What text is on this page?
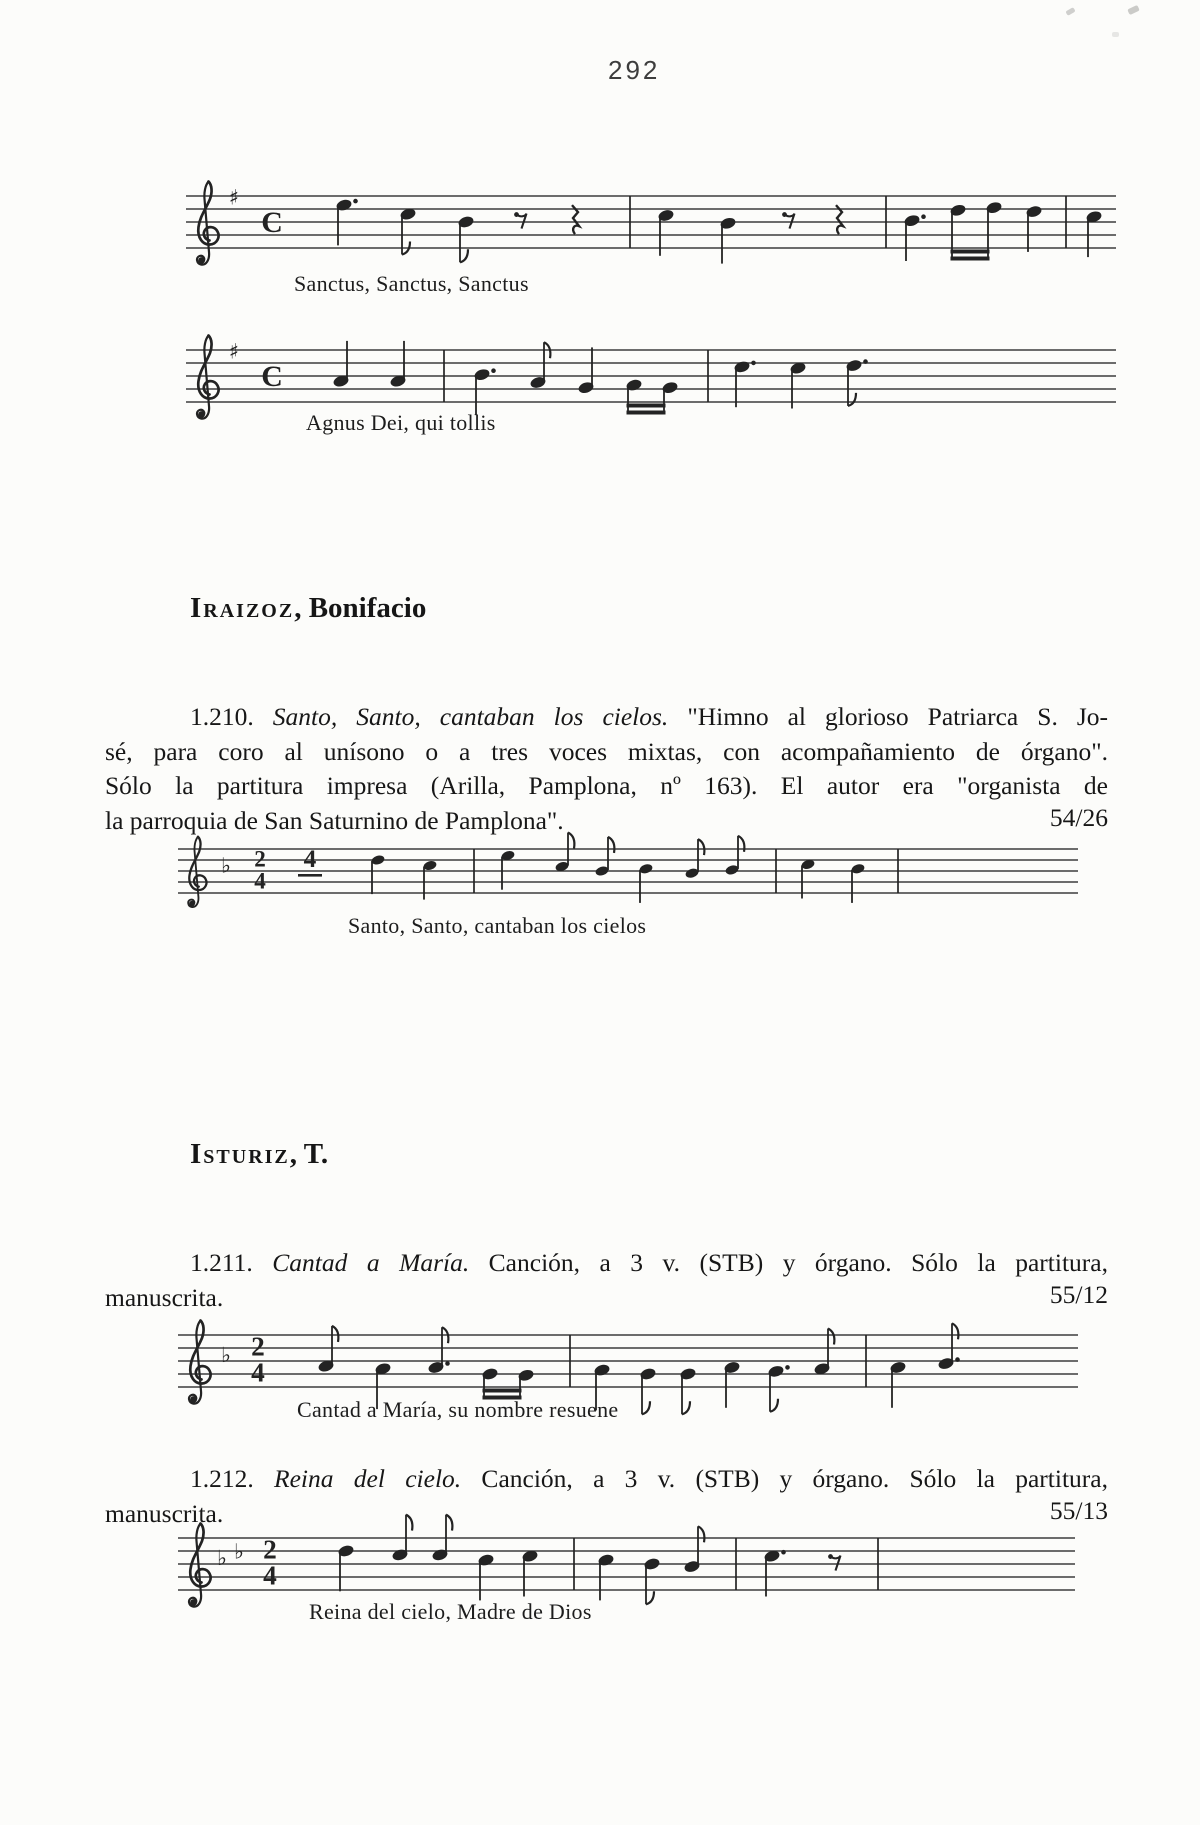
292
♯
C
Sanctus, Sanctus, Sanctus
♯
C
Agnus Dei, qui tollis
Iraizoz, Bonifacio
1.210. Santo, Santo, cantaban los cielos. "Himno al glorioso Patriarca S. Jo-
sé, para coro al unísono o a tres voces mixtas, con acompañamiento de órgano".
Sólo la partitura impresa (Arilla, Pamplona, nº 163). El autor era "organista de
la parroquia de San Saturnino de Pamplona".	54/26
♭ 2
4
4
Santo, Santo, cantaban los cielos
Isturiz, T.
1.211. Cantad a María. Canción, a 3 v. (STB) y órgano. Sólo la partitura,
manuscrita.	55/12
♭ 2
4
Cantad a María, su nombre resuene
1.212. Reina del cielo. Canción, a 3 v. (STB) y órgano. Sólo la partitura,
manuscrita.	55/13
♭ ♭ 2
4
Reina del cielo, Madre de Dios
